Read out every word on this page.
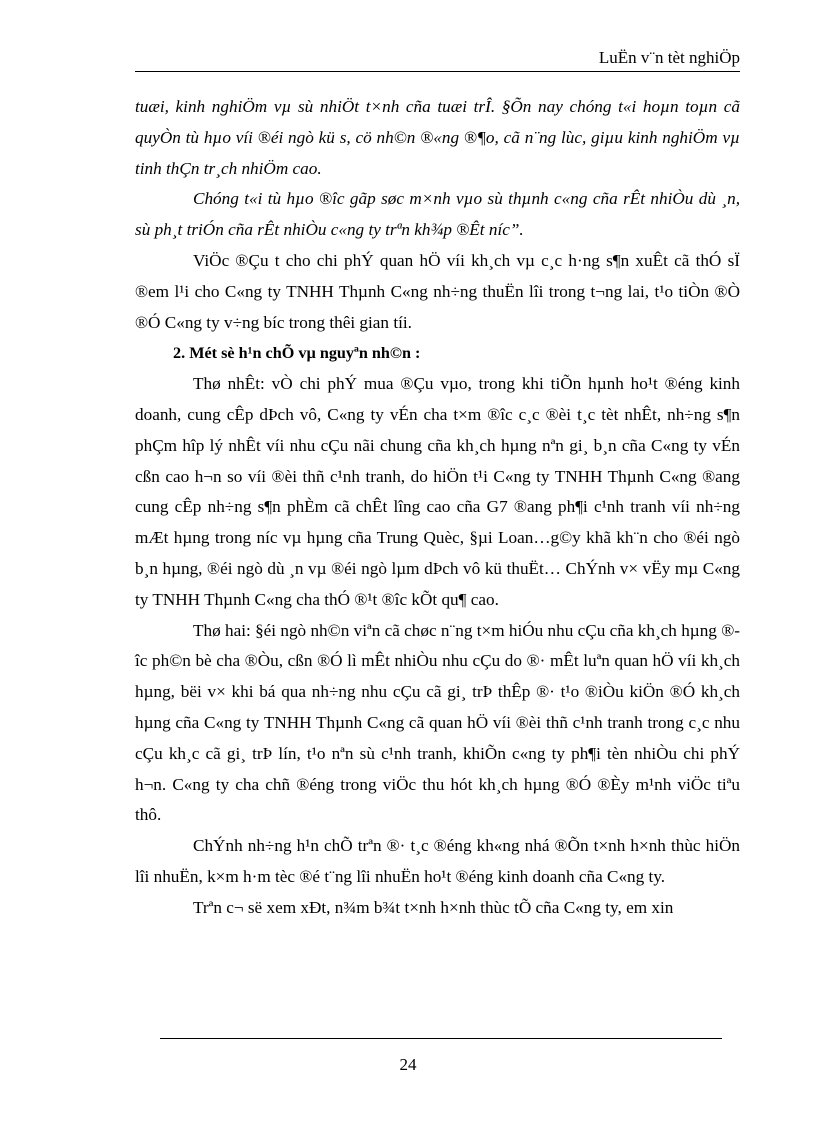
LuËn v¨n tèt nghiÖp

tuæi, kinh nghiÖm vµ sù nhiÖt t×nh cña tuæi trÎ. §Õn nay chóng t«i hoµn toµn cã quyÒn tù hµo víi ®éi ngò kü s, cö nh©n ®«ng ®¶o, cã n¨ng lùc, giµu kinh nghiÖm vµ tinh thÇn tr¸ch nhiÖm cao.

Chóng t«i tù hµo ®îc gãp søc m×nh vµo sù thµnh c«ng cña rÊt nhiÒu dù ¸n, sù ph¸t triÓn cña rÊt nhiÒu c«ng ty trªn kh¾p ®Êt níc”.

ViÖc ®Çu t cho chi phÝ quan hÖ víi kh¸ch vµ c¸c h·ng s¶n xuÊt cã thÓ sÏ ®em l¹i cho C«ng ty TNHH Thµnh C«ng nh÷ng thuËn lîi trong t¬ng lai, t¹o tiÒn ®Ò ®Ó C«ng ty v÷ng bíc trong thêi gian tíi.

2. Mét sè h¹n chÕ vµ nguyªn nh©n :

Thø nhÊt: vÒ chi phÝ mua ®Çu vµo, trong khi tiÕn hµnh ho¹t ®éng kinh doanh, cung cÊp dÞch vô, C«ng ty vÉn cha t×m ®îc c¸c ®èi t¸c tèt nhÊt, nh÷ng s¶n phÇm hîp lý nhÊt víi nhu cÇu nãi chung cña kh¸ch hµng nªn gi¸ b¸n cña C«ng ty vÉn cßn cao h¬n so víi ®èi thñ c¹nh tranh, do hiÖn t¹i C«ng ty TNHH Thµnh C«ng ®ang cung cÊp nh÷ng s¶n phÈm cã chÊt lîng cao cña G7 ®ang ph¶i c¹nh tranh víi nh÷ng mÆt hµng trong níc vµ hµng cña Trung Quèc, §µi Loan…g©y khã kh¨n cho ®éi ngò b¸n hµng, ®éi ngò dù ¸n vµ ®éi ngò lµm dÞch vô kü thuËt… ChÝnh v× vËy mµ C«ng ty TNHH Thµnh C«ng cha thÓ ®¹t ®îc kÕt qu¶ cao.

Thø hai: §éi ngò nh©n viªn cã chøc n¨ng t×m hiÓu nhu cÇu cña kh¸ch hµng ®îc ph©n bè cha ®Òu, cßn ®Ó lì mÊt nhiÒu nhu cÇu do ®· mÊt luªn quan hÖ víi kh¸ch hµng, bëi v× khi bá qua nh÷ng nhu cÇu cã gi¸ trÞ thÊp ®· t¹o ®iÒu kiÖn ®Ó kh¸ch hµng cña C«ng ty TNHH Thµnh C«ng cã quan hÖ víi ®èi thñ c¹nh tranh trong c¸c nhu cÇu kh¸c cã gi¸ trÞ lín, t¹o nªn sù c¹nh tranh, khiÕn c«ng ty ph¶i tèn nhiÒu chi phÝ h¬n. C«ng ty cha chñ ®éng trong viÖc thu hót kh¸ch hµng ®Ó ®Èy m¹nh viÖc tiªu thô.

ChÝnh nh÷ng h¹n chÕ trªn ®· t¸c ®éng kh«ng nhá ®Õn t×nh h×nh thùc hiÖn lîi nhuËn, k×m h·m tèc ®é t¨ng lîi nhuËn ho¹t ®éng kinh doanh cña C«ng ty.

Trªn c¬ së xem xÐt, n¾m b¾t t×nh h×nh thùc tÕ cña C«ng ty, em xin

24
